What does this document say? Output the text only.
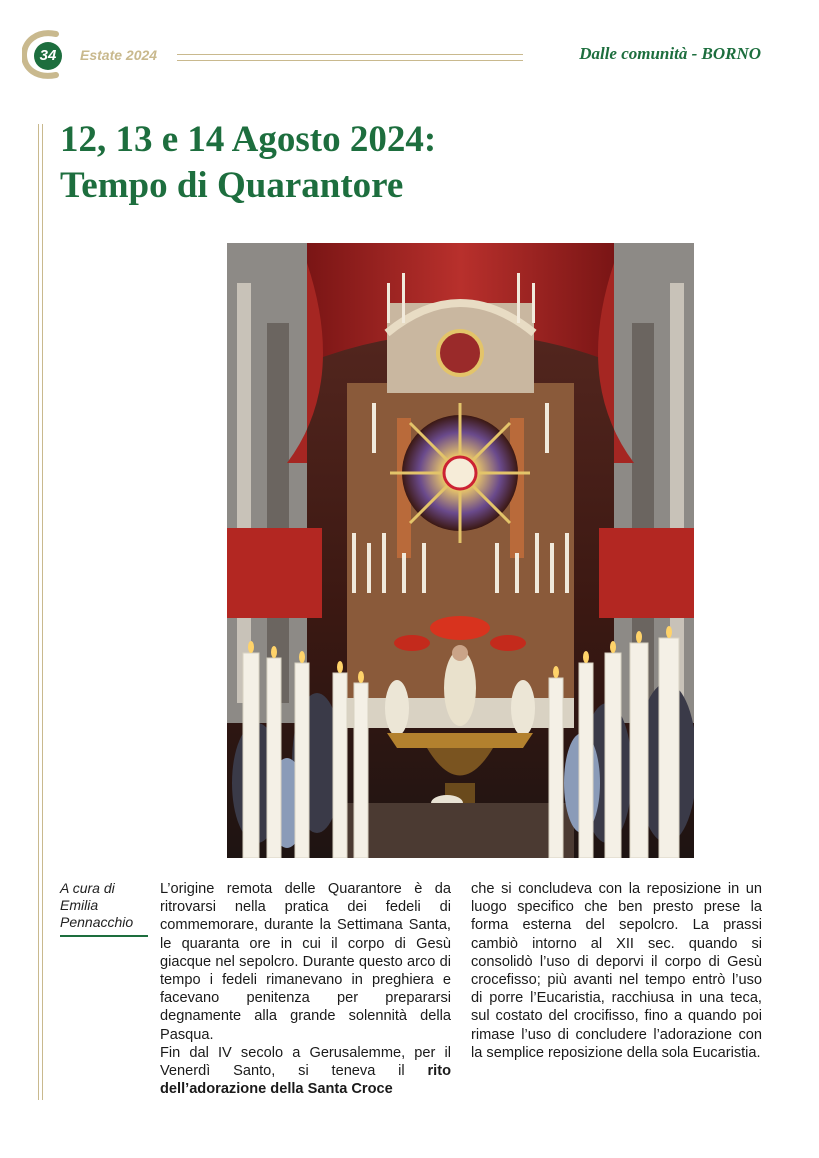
34	Estate 2024	Dalle comunità - BORNO
12, 13 e 14 Agosto 2024:
Tempo di Quarantore
A cura di
Emilia
Pennacchio

L’origine remota delle Quarantore è da ritrovarsi nella pratica dei fedeli di commemorare, durante la Settimana Santa, le quaranta ore in cui il corpo di Gesù giacque nel sepolcro. Durante questo arco di tempo i fedeli rimanevano in preghiera e facevano penitenza per prepararsi degnamente alla grande solennità della Pasqua.

Fin dal IV secolo a Gerusalemme, per il Venerdì Santo, si teneva il rito dell’adorazione della Santa Croce

che si concludeva con la reposizione in un luogo specifico che ben presto prese la forma esterna del sepolcro. La prassi cambiò intorno al XII sec. quando si consolidò l’uso di deporvi il corpo di Gesù crocefisso; più avanti nel tempo entrò l’uso di porre l’Eucaristia, racchiusa in una teca, sul costato del crocifisso, fino a quando poi rimase l’uso di concludere l’adorazione con la semplice reposizione della sola Eucaristia.
